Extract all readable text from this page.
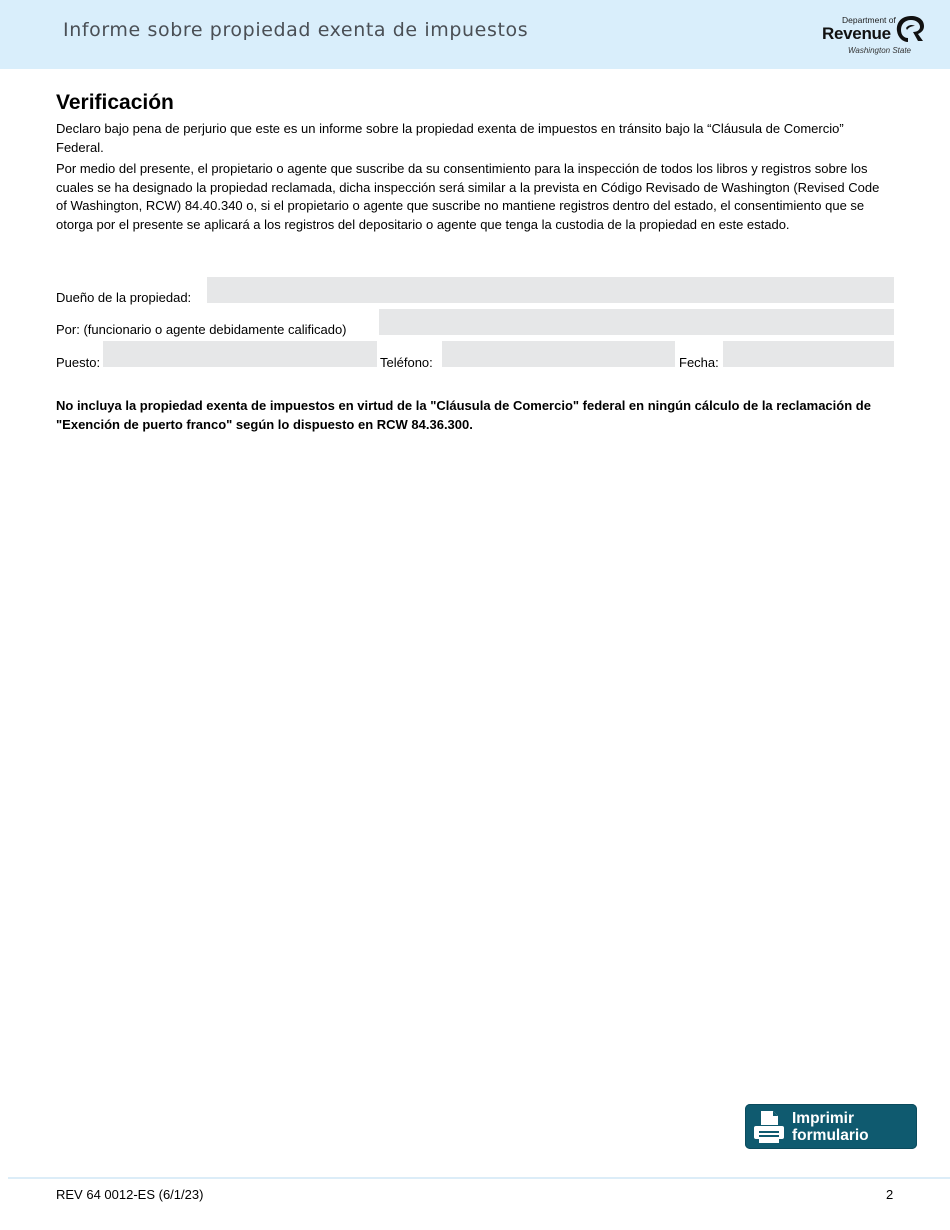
Informe sobre propiedad exenta de impuestos	Department of
Revenue
Washington State
Verificación

Declaro bajo pena de perjurio que este es un informe sobre la propiedad exenta de impuestos en tránsito bajo la “Cláusula de Comercio” Federal.

Por medio del presente, el propietario o agente que suscribe da su consentimiento para la inspección de todos los libros y registros sobre los cuales se ha designado la propiedad reclamada, dicha inspección será similar a la prevista en Código Revisado de Washington (Revised Code of Washington, RCW) 84.40.340 o, si el propietario o agente que suscribe no mantiene registros dentro del estado, el consentimiento que se otorga por el presente se aplicará a los registros del depositario o agente que tenga la custodia de la propiedad en este estado.

Dueño de la propiedad:
Por: (funcionario o agente debidamente calificado)
Puesto:	Teléfono:	Fecha:

No incluya la propiedad exenta de impuestos en virtud de la "Cláusula de Comercio" federal en ningún cálculo de la reclamación de "Exención de puerto franco" según lo dispuesto en RCW 84.36.300.

Imprimir
formulario
REV 64 0012-ES (6/1/23)	2
